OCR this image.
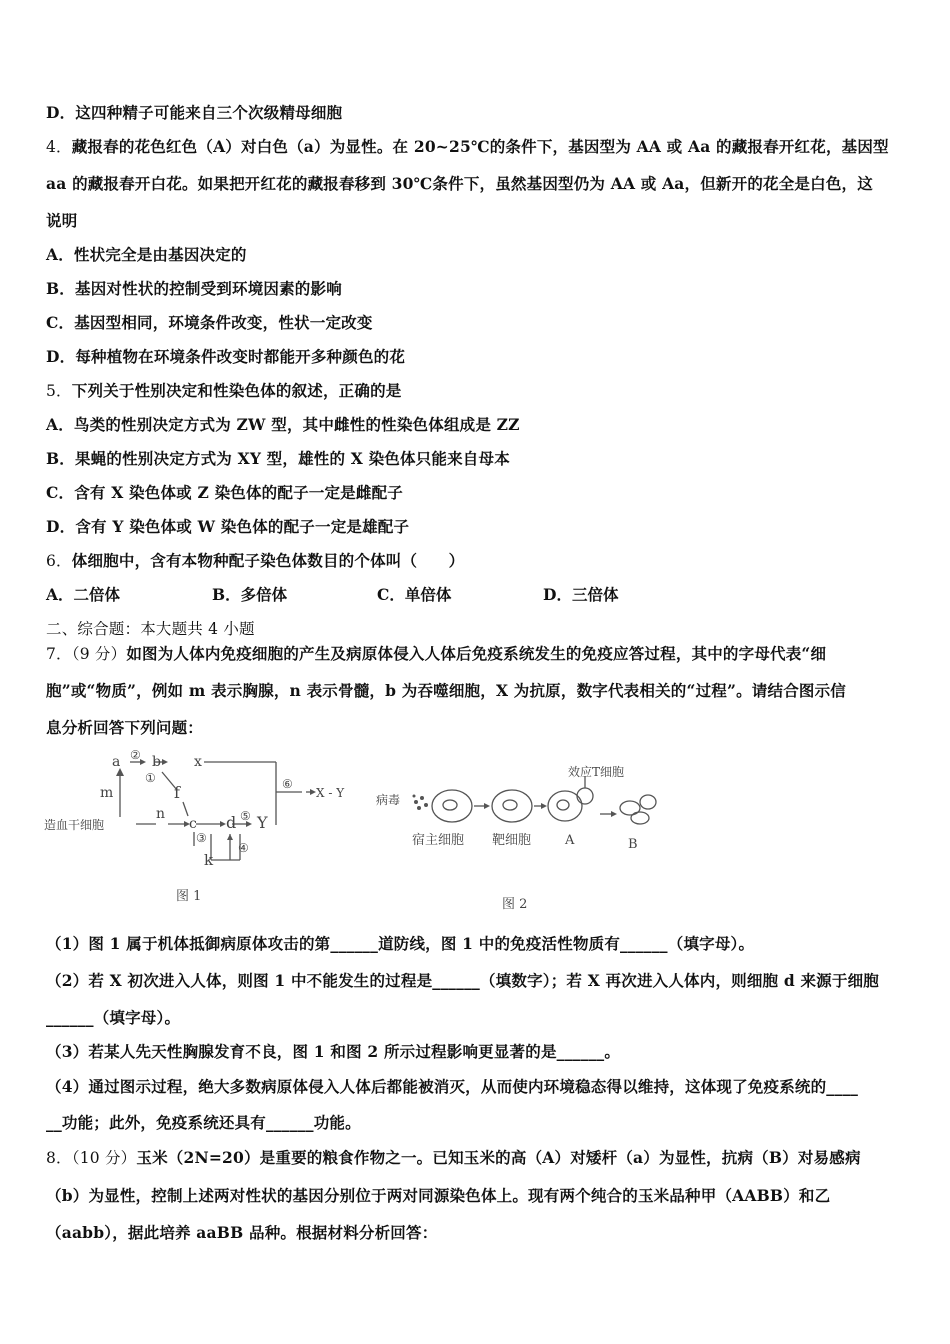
D．这四种精子可能来自三个次级精母细胞
4．藏报春的花色红色（A）对白色（a）为显性。在 20~25℃的条件下，基因型为 AA 或 Aa 的藏报春开红花，基因型
aa 的藏报春开白花。如果把开红花的藏报春移到 30℃条件下，虽然基因型仍为 AA 或 Aa，但新开的花全是白色，这
说明
A．性状完全是由基因决定的
B．基因对性状的控制受到环境因素的影响
C．基因型相同，环境条件改变，性状一定改变
D．每种植物在环境条件改变时都能开多种颜色的花
5．下列关于性别决定和性染色体的叙述，正确的是
A．鸟类的性别决定方式为 ZW 型，其中雌性的性染色体组成是 ZZ
B．果蝇的性别决定方式为 XY 型，雄性的 X 染色体只能来自母本
C．含有 X 染色体或 Z 染色体的配子一定是雌配子
D．含有 Y 染色体或 W 染色体的配子一定是雄配子
6．体细胞中，含有本物种配子染色体数目的个体叫（　　）
A．二倍体	B．多倍体	C．单倍体	D．三倍体
二、综合题：本大题共 4 小题
7．（9 分）如图为人体内免疫细胞的产生及病原体侵入人体后免疫系统发生的免疫应答过程，其中的字母代表“细
胞”或“物质”，例如 m 表示胸腺，n 表示骨髓，b 为吞噬细胞，X 为抗原，数字代表相关的“过程”。请结合图示信
息分析回答下列问题：
a b x
f
c d Y
k
X - Y
造血干细胞
m
n
①
②
③
④
⑤
⑥
图 1
病毒
效应T细胞
宿主细胞 靶细胞	A	B
图 2
（1）图 1 属于机体抵御病原体攻击的第______道防线，图 1 中的免疫活性物质有______（填字母）。
（2）若 X 初次进入人体，则图 1 中不能发生的过程是______（填数字）；若 X 再次进入人体内，则细胞 d 来源于细胞
______（填字母）。
（3）若某人先天性胸腺发育不良，图 1 和图 2 所示过程影响更显著的是______。
（4）通过图示过程，绝大多数病原体侵入人体后都能被消灭，从而使内环境稳态得以维持，这体现了免疫系统的____
__功能；此外，免疫系统还具有______功能。
8．（10 分）玉米（2N=20）是重要的粮食作物之一。已知玉米的高（A）对矮杆（a）为显性，抗病（B）对易感病
（b）为显性，控制上述两对性状的基因分别位于两对同源染色体上。现有两个纯合的玉米品种甲（AABB）和乙
（aabb），据此培养 aaBB 品种。根据材料分析回答：
